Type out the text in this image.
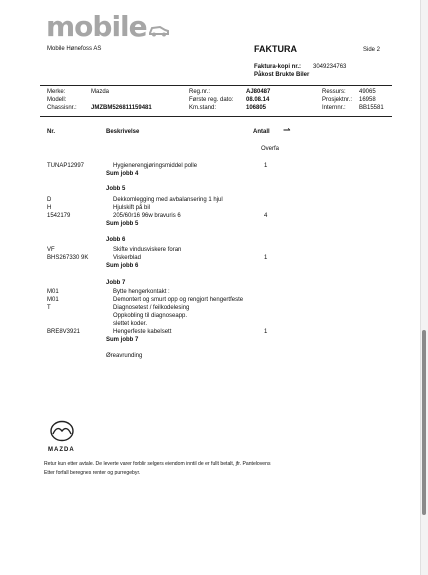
mobile
Mobile Hønefoss AS	FAKTURA	Side 2
Faktura-kopi nr.: 3049234763
Påkost Brukte Biler
Merke:	Mazda
Modell:
Chassisnr.: JMZBM526811159481
Reg.nr.:	AJ80487
Første reg. dato: 08.08.14
Km.stand:	106805
Ressurs: 49065
Prosjektnr.: 16958
Internnr.: BB15581
Nr.	Beskrivelse	Antall ⇀
Overfa
TUNAP12997	Hygienerengjøringsmiddel polle	1
Sum jobb 4
Jobb 5
D	Dekkomlegging med avbalansering 1 hjul
H	Hjulskift på bil
1542179	205/60r16 96w bravuris 6	4
Sum jobb 5
Jobb 6
VF	Skifte vindusviskere foran
BHS267330 9K	Viskerblad	1
Sum jobb 6
Jobb 7
M01	Bytte hengerkontakt :
M01	Demontert og smurt opp og rengjort hengertfeste
T	Diagnosetest / feilkodelesing
Oppkobling til diagnoseapp.
slettet koder.
BRE8V3921	Hengerfeste kabelsett	1
Sum jobb 7
Øreavrunding
MAZDA
Retur kun etter avtale. De leverte varer forblir selgers eiendom inntil de er fullt betalt, jfr. Pantelovens
Etter forfall beregnes renter og purregebyr.
